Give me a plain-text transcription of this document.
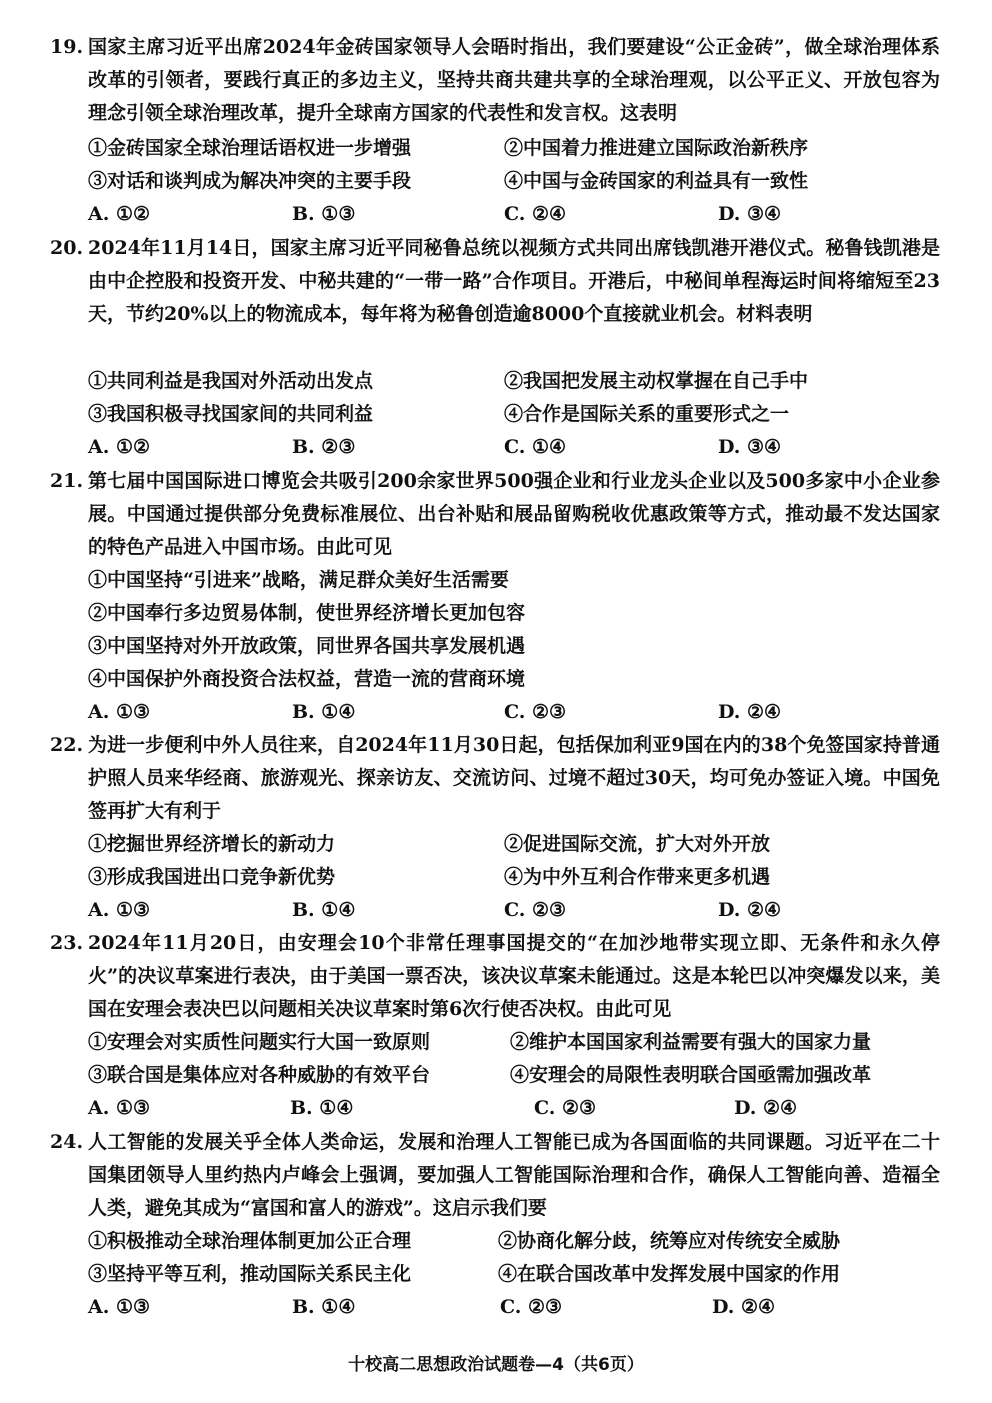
19. 国家主席习近平出席2024年金砖国家领导人会晤时指出，我们要建设“公正金砖”，做全球治理体系改革的引领者，要践行真正的多边主义，坚持共商共建共享的全球治理观，以公平正义、开放包容为理念引领全球治理改革，提升全球南方国家的代表性和发言权。这表明
①金砖国家全球治理话语权进一步增强	②中国着力推进建立国际政治新秩序
③对话和谈判成为解决冲突的主要手段	④中国与金砖国家的利益具有一致性
A. ①②	B. ①③	C. ②④	D. ③④
20. 2024年11月14日，国家主席习近平同秘鲁总统以视频方式共同出席钱凯港开港仪式。秘鲁钱凯港是由中企控股和投资开发、中秘共建的“一带一路”合作项目。开港后，中秘间单程海运时间将缩短至23天，节约20%以上的物流成本，每年将为秘鲁创造逾8000个直接就业机会。材料表明
①共同利益是我国对外活动出发点	②我国把发展主动权掌握在自己手中
③我国积极寻找国家间的共同利益	④合作是国际关系的重要形式之一
A. ①②	B. ②③	C. ①④	D. ③④
21. 第七届中国国际进口博览会共吸引200余家世界500强企业和行业龙头企业以及500多家中小企业参展。中国通过提供部分免费标准展位、出台补贴和展品留购税收优惠政策等方式，推动最不发达国家的特色产品进入中国市场。由此可见
①中国坚持“引进来”战略，满足群众美好生活需要
②中国奉行多边贸易体制，使世界经济增长更加包容
③中国坚持对外开放政策，同世界各国共享发展机遇
④中国保护外商投资合法权益，营造一流的营商环境
A. ①③	B. ①④	C. ②③	D. ②④
22. 为进一步便利中外人员往来，自2024年11月30日起，包括保加利亚9国在内的38个免签国家持普通护照人员来华经商、旅游观光、探亲访友、交流访问、过境不超过30天，均可免办签证入境。中国免签再扩大有利于
①挖掘世界经济增长的新动力	②促进国际交流，扩大对外开放
③形成我国进出口竞争新优势	④为中外互利合作带来更多机遇
A. ①③	B. ①④	C. ②③	D. ②④
23. 2024年11月20日，由安理会10个非常任理事国提交的“在加沙地带实现立即、无条件和永久停火”的决议草案进行表决，由于美国一票否决，该决议草案未能通过。这是本轮巴以冲突爆发以来，美国在安理会表决巴以问题相关决议草案时第6次行使否决权。由此可见
①安理会对实质性问题实行大国一致原则	②维护本国国家利益需要有强大的国家力量
③联合国是集体应对各种威胁的有效平台	④安理会的局限性表明联合国亟需加强改革
A. ①③	B. ①④	C. ②③	D. ②④
24. 人工智能的发展关乎全体人类命运，发展和治理人工智能已成为各国面临的共同课题。习近平在二十国集团领导人里约热内卢峰会上强调，要加强人工智能国际治理和合作，确保人工智能向善、造福全人类，避免其成为“富国和富人的游戏”。这启示我们要
①积极推动全球治理体制更加公正合理	②协商化解分歧，统筹应对传统安全威胁
③坚持平等互利，推动国际关系民主化	④在联合国改革中发挥发展中国家的作用
A. ①③	B. ①④	C. ②③	D. ②④
十校高二思想政治试题卷—4（共6页）
